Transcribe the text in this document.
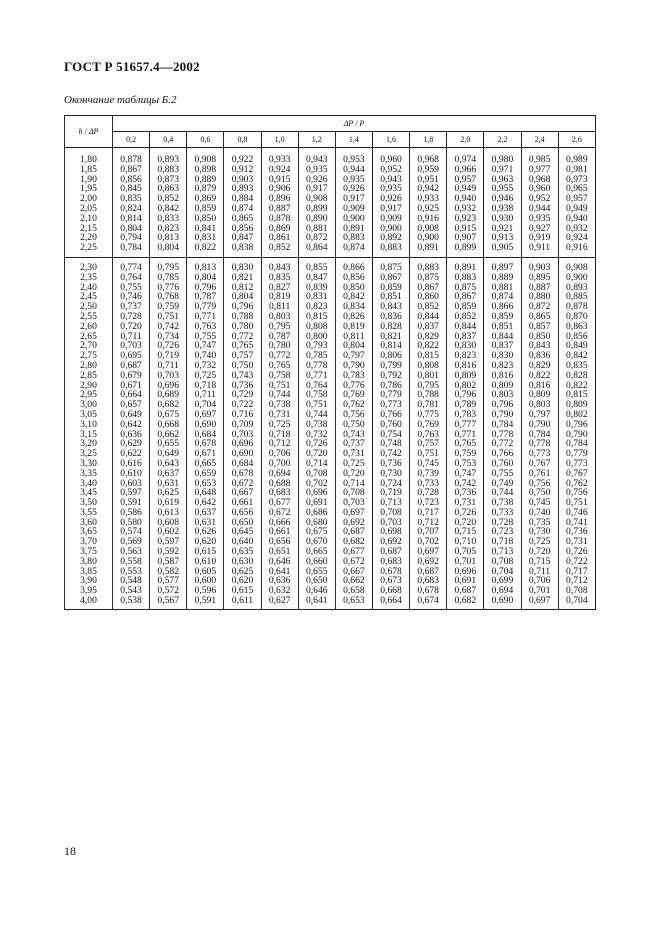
ГОСТ Р 51657.4—2002
Окончание таблицы Б.2
h / ΔP	ΔP / P												
	0,2	0,4	0,6	0,8	1,0	1,2	1,4	1,6	1,8	2,0	2,2	2,4	2,6
1,80	0,878	0,893	0,908	0,922	0,933	0,943	0,953	0,960	0,968	0,974	0,980	0,985	0,989
1,85	0,867	0,883	0,898	0,912	0,924	0,935	0,944	0,952	0,959	0,966	0,971	0,977	0,981
1,90	0,856	0,873	0,889	0,903	0,915	0,926	0,935	0,943	0,951	0,957	0,963	0,968	0,973
1,95	0,845	0,863	0,879	0,893	0,906	0,917	0,926	0,935	0,942	0,949	0,955	0,960	0,965
2,00	0,835	0,852	0,869	0,884	0,896	0,908	0,917	0,926	0,933	0,940	0,946	0,952	0,957
2,05	0,824	0,842	0,859	0,874	0,887	0,899	0,909	0,917	0,925	0,932	0,938	0,944	0,949
2,10	0,814	0,833	0,850	0,865	0,878	0,890	0,900	0,909	0,916	0,923	0,930	0,935	0,940
2,15	0,804	0,823	0,841	0,856	0,869	0,881	0,891	0,900	0,908	0,915	0,921	0,927	0,932
2,20	0,794	0,813	0,831	0,847	0,861	0,872	0,883	0,892	0,900	0,907	0,913	0,919	0,924
2,25	0,784	0,804	0,822	0,838	0,852	0,864	0,874	0,883	0,891	0,899	0,905	0,911	0,916
2,30	0,774	0,795	0,813	0,830	0,843	0,855	0,866	0,875	0,883	0,891	0,897	0,903	0,908
2,35	0,764	0,785	0,804	0,821	0,835	0,847	0,856	0,867	0,875	0,883	0,889	0,895	0,900
2,40	0,755	0,776	0,796	0,812	0,827	0,839	0,850	0,859	0,867	0,875	0,881	0,887	0,893
2,45	0,746	0,768	0,787	0,804	0,819	0,831	0,842	0,851	0,860	0,867	0,874	0,880	0,885
2,50	0,737	0,759	0,779	0,796	0,811	0,823	0,834	0,843	0,852	0,859	0,866	0,872	0,878
2,55	0,728	0,751	0,771	0,788	0,803	0,815	0,826	0,836	0,844	0,852	0,859	0,865	0,870
2,60	0,720	0,742	0,763	0,780	0,795	0,808	0,819	0,828	0,837	0,844	0,851	0,857	0,863
2,65	0,711	0,734	0,755	0,772	0,787	0,800	0,811	0,821	0,829	0,837	0,844	0,850	0,856
2,70	0,703	0,726	0,747	0,765	0,780	0,793	0,804	0,814	0,822	0,830	0,837	0,843	0,849
2,75	0,695	0,719	0,740	0,757	0,772	0,785	0,797	0,806	0,815	0,823	0,830	0,836	0,842
2,80	0,687	0,711	0,732	0,750	0,765	0,778	0,790	0,799	0,808	0,816	0,823	0,829	0,835
2,85	0,679	0,703	0,725	0,743	0,758	0,771	0,783	0,792	0,801	0,809	0,816	0,822	0,828
2,90	0,671	0,696	0,718	0,736	0,751	0,764	0,776	0,786	0,795	0,802	0,809	0,816	0,822
2,95	0,664	0,689	0,711	0,729	0,744	0,758	0,769	0,779	0,788	0,796	0,803	0,809	0,815
3,00	0,657	0,682	0,704	0,722	0,738	0,751	0,762	0,773	0,781	0,789	0,796	0,803	0,809
3,05	0,649	0,675	0,697	0,716	0,731	0,744	0,756	0,766	0,775	0,783	0,790	0,797	0,802
3,10	0,642	0,668	0,690	0,709	0,725	0,738	0,750	0,760	0,769	0,777	0,784	0,790	0,796
3,15	0,636	0,662	0,684	0,703	0,718	0,732	0,743	0,754	0,763	0,771	0,778	0,784	0,790
3,20	0,629	0,655	0,678	0,696	0,712	0,726	0,737	0,748	0,757	0,765	0,772	0,778	0,784
3,25	0,622	0,649	0,671	0,690	0,706	0,720	0,731	0,742	0,751	0,759	0,766	0,773	0,779
3,30	0,616	0,643	0,665	0,684	0,700	0,714	0,725	0,736	0,745	0,753	0,760	0,767	0,773
3,35	0,610	0,637	0,659	0,678	0,694	0,708	0,720	0,730	0,739	0,747	0,755	0,761	0,767
3,40	0,603	0,631	0,653	0,672	0,688	0,702	0,714	0,724	0,733	0,742	0,749	0,756	0,762
3,45	0,597	0,625	0,648	0,667	0,683	0,696	0,708	0,719	0,728	0,736	0,744	0,750	0,756
3,50	0,591	0,619	0,642	0,661	0,677	0,691	0,703	0,713	0,723	0,731	0,738	0,745	0,751
3,55	0,586	0,613	0,637	0,656	0,672	0,686	0,697	0,708	0,717	0,726	0,733	0,740	0,746
3,60	0,580	0,608	0,631	0,650	0,666	0,680	0,692	0,703	0,712	0,720	0,728	0,735	0,741
3,65	0,574	0,602	0,626	0,645	0,661	0,675	0,687	0,698	0,707	0,715	0,723	0,730	0,736
3,70	0,569	0,597	0,620	0,640	0,656	0,670	0,682	0,692	0,702	0,710	0,718	0,725	0,731
3,75	0,563	0,592	0,615	0,635	0,651	0,665	0,677	0,687	0,697	0,705	0,713	0,720	0,726
3,80	0,558	0,587	0,610	0,630	0,646	0,660	0,672	0,683	0,692	0,701	0,708	0,715	0,722
3,85	0,553	0,582	0,605	0,625	0,641	0,655	0,667	0,678	0,687	0,696	0,704	0,711	0,717
3,90	0,548	0,577	0,600	0,620	0,636	0,650	0,662	0,673	0,683	0,691	0,699	0,706	0,712
3,95	0,543	0,572	0,596	0,615	0,632	0,646	0,658	0,668	0,678	0,687	0,694	0,701	0,708
4,00	0,538	0,567	0,591	0,611	0,627	0,641	0,653	0,664	0,674	0,682	0,690	0,697	0,704
18
